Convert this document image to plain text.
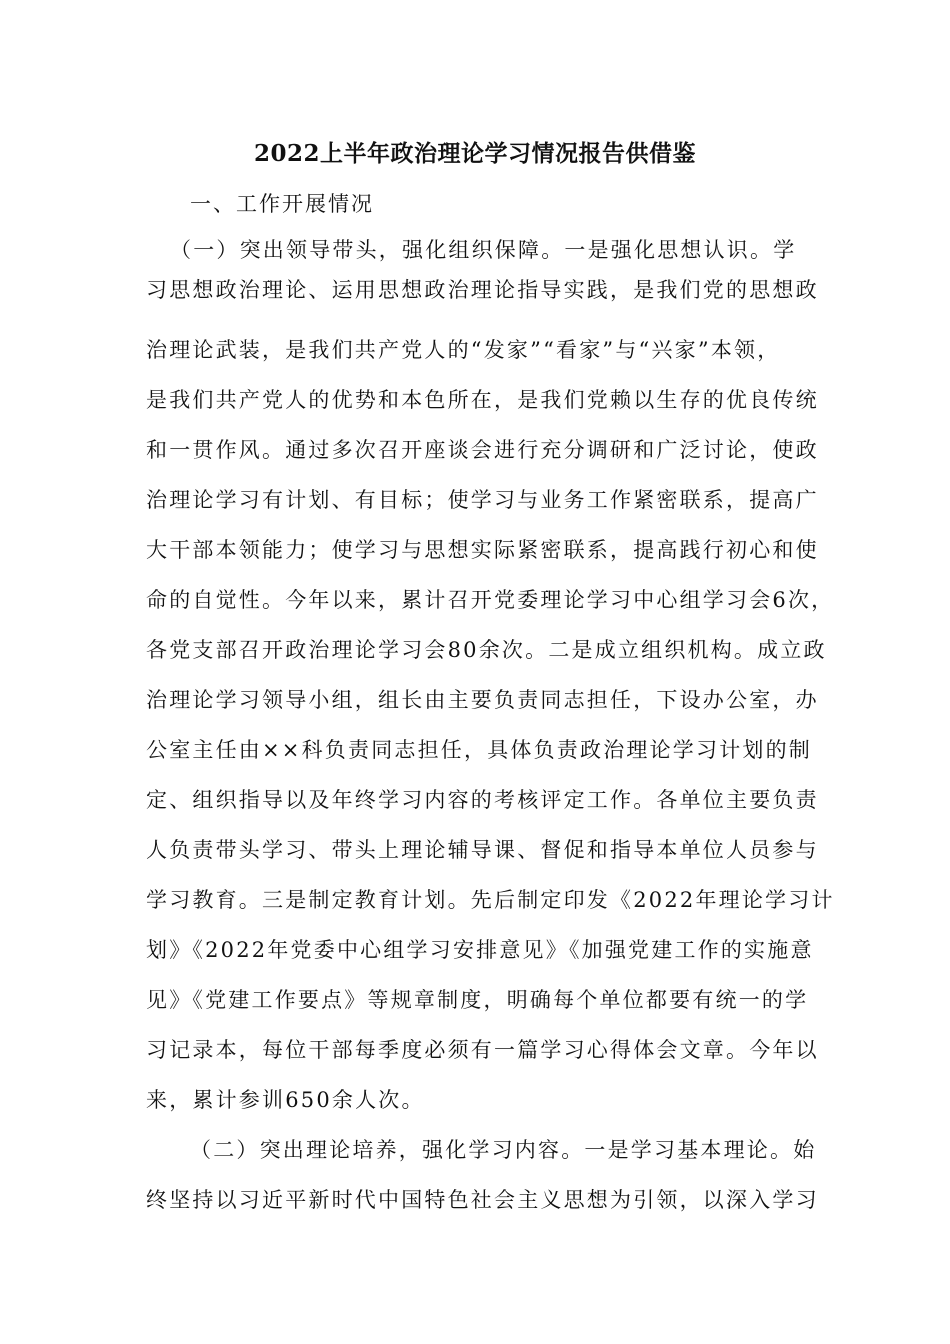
2022上半年政治理论学习情况报告供借鉴
一、工作开展情况
（一）突出领导带头，强化组织保障。一是强化思想认识。学
习思想政治理论、运用思想政治理论指导实践，是我们党的思想政
治理论武装，是我们共产党人的“发家”“看家”与“兴家”本领，
是我们共产党人的优势和本色所在，是我们党赖以生存的优良传统
和一贯作风。通过多次召开座谈会进行充分调研和广泛讨论，使政
治理论学习有计划、有目标；使学习与业务工作紧密联系，提高广
大干部本领能力；使学习与思想实际紧密联系，提高践行初心和使
命的自觉性。今年以来，累计召开党委理论学习中心组学习会6次，
各党支部召开政治理论学习会80余次。二是成立组织机构。成立政
治理论学习领导小组，组长由主要负责同志担任，下设办公室，办
公室主任由××科负责同志担任，具体负责政治理论学习计划的制
定、组织指导以及年终学习内容的考核评定工作。各单位主要负责
人负责带头学习、带头上理论辅导课、督促和指导本单位人员参与
学习教育。三是制定教育计划。先后制定印发《2022年理论学习计
划》《2022年党委中心组学习安排意见》《加强党建工作的实施意
见》《党建工作要点》等规章制度，明确每个单位都要有统一的学
习记录本，每位干部每季度必须有一篇学习心得体会文章。今年以
来，累计参训650余人次。
（二）突出理论培养，强化学习内容。一是学习基本理论。始
终坚持以习近平新时代中国特色社会主义思想为引领，以深入学习
